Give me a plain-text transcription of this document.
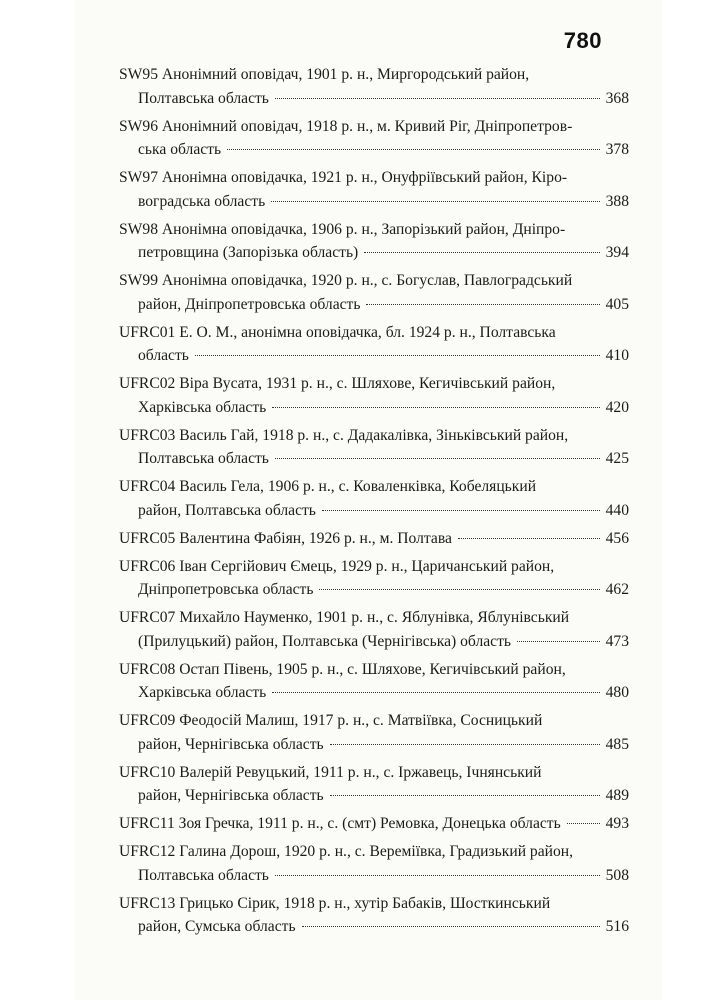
780
SW95 Анонімний оповідач, 1901 р. н., Миргородський район,
Полтавська область	368
SW96 Анонімний оповідач, 1918 р. н., м. Кривий Ріг, Дніпропетров-
ська область	378
SW97 Анонімна оповідачка, 1921 р. н., Онуфріївський район, Кіро-
воградська область	388
SW98 Анонімна оповідачка, 1906 р. н., Запорізький район, Дніпро-
петровщина (Запорізька область)	394
SW99 Анонімна оповідачка, 1920 р. н., с. Богуслав, Павлоградський
район, Дніпропетровська область	405
UFRC01 Е. О. М., анонімна оповідачка, бл. 1924 р. н., Полтавська
область	410
UFRC02 Віра Вусата, 1931 р. н., с. Шляхове, Кегичівський район,
Харківська область	420
UFRC03 Василь Гай, 1918 р. н., с. Дадакалівка, Зіньківський район,
Полтавська область	425
UFRC04 Василь Гела, 1906 р. н., с. Коваленківка, Кобеляцький
район, Полтавська область	440
UFRC05 Валентина Фабіян, 1926 р. н., м. Полтава	456
UFRC06 Іван Сергійович Ємець, 1929 р. н., Царичанський район,
Дніпропетровська область	462
UFRC07 Михайло Науменко, 1901 р. н., с. Яблунівка, Яблунівський
(Прилуцький) район, Полтавська (Чернігівська) область	473
UFRC08 Остап Півень, 1905 р. н., с. Шляхове, Кегичівський район,
Харківська область	480
UFRC09 Феодосій Малиш, 1917 р. н., с. Матвіївка, Сосницький
район, Чернігівська область	485
UFRC10 Валерій Ревуцький, 1911 р. н., с. Іржавець, Ічнянський
район, Чернігівська область	489
UFRC11 Зоя Гречка, 1911 р. н., с. (смт) Ремовка, Донецька область	493
UFRC12 Галина Дорош, 1920 р. н., с. Веремiївка, Градизький район,
Полтавська область	508
UFRC13 Грицько Сірик, 1918 р. н., хутір Бабаків, Шосткинський
район, Сумська область	516
